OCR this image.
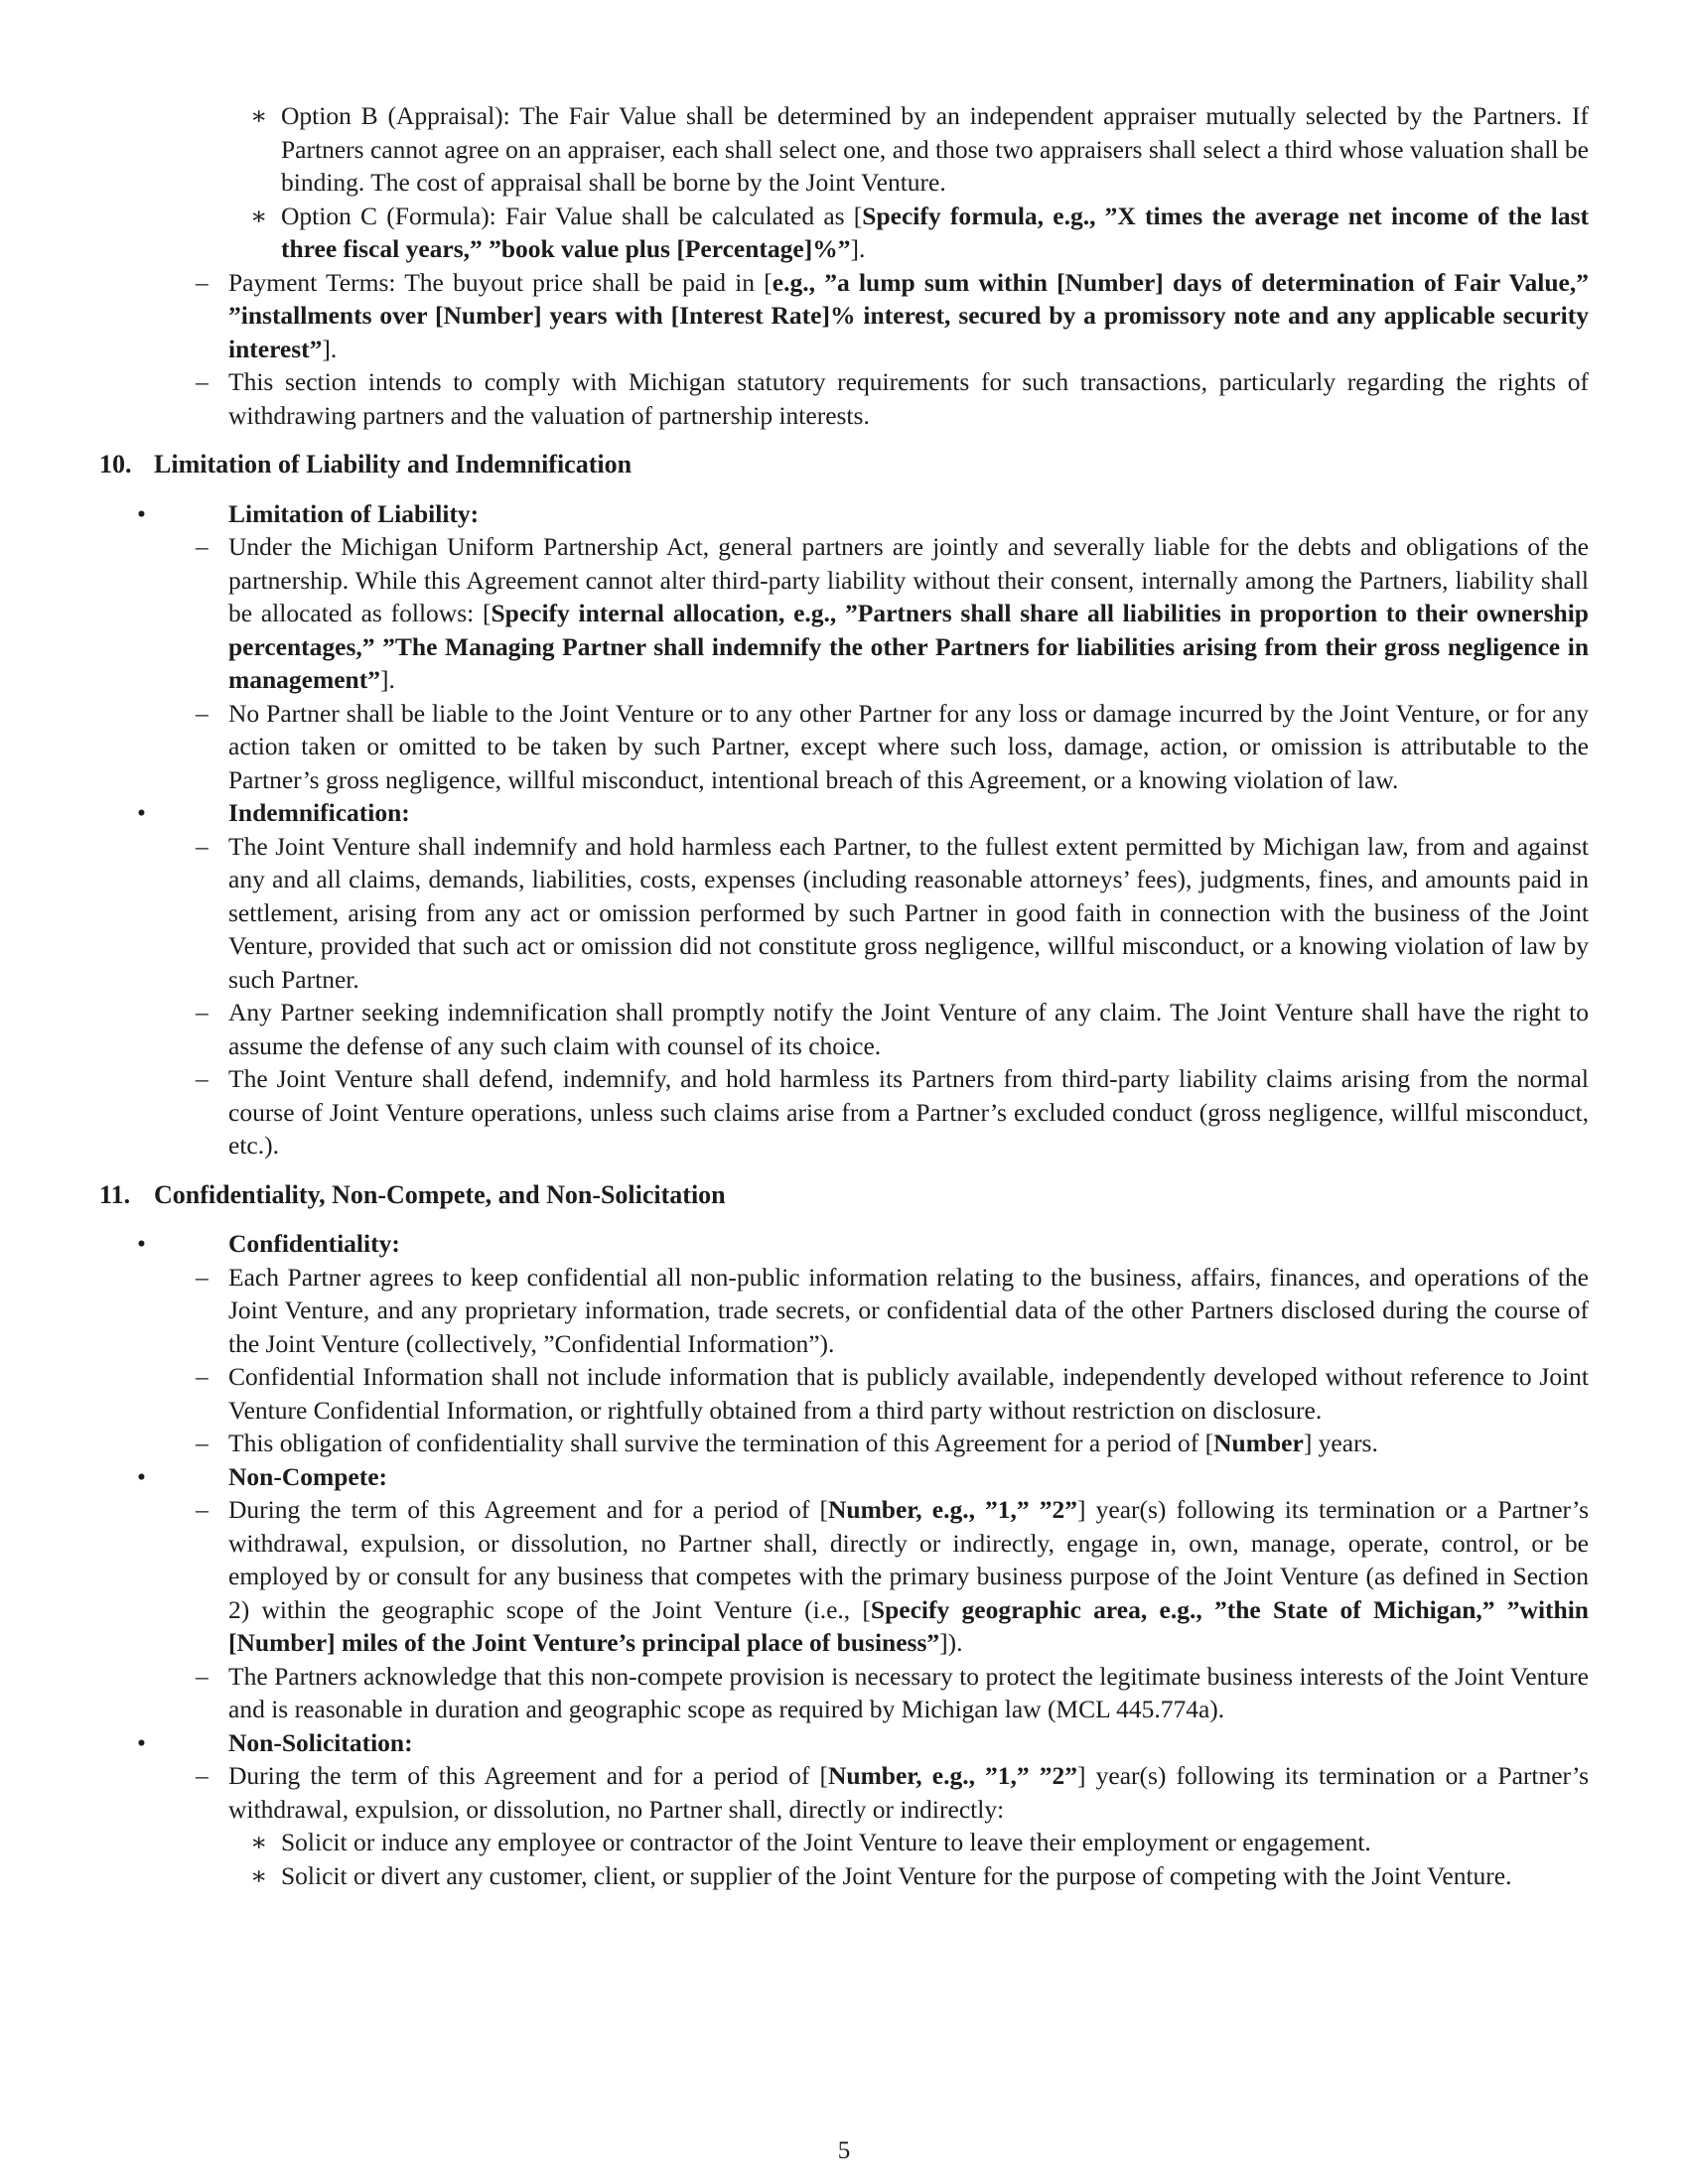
∗ Option B (Appraisal): The Fair Value shall be determined by an independent appraiser mutually selected by the Partners. If Partners cannot agree on an appraiser, each shall select one, and those two appraisers shall select a third whose valuation shall be binding. The cost of appraisal shall be borne by the Joint Venture.
∗ Option C (Formula): Fair Value shall be calculated as [Specify formula, e.g., ”X times the average net income of the last three fiscal years,” ”book value plus [Percentage]%”].
– Payment Terms: The buyout price shall be paid in [e.g., ”a lump sum within [Number] days of determination of Fair Value,” ”installments over [Number] years with [Interest Rate]% interest, secured by a promissory note and any applicable security interest”].
– This section intends to comply with Michigan statutory requirements for such transactions, particularly regarding the rights of withdrawing partners and the valuation of partnership interests.
10. Limitation of Liability and Indemnification
•	Limitation of Liability:
– Under the Michigan Uniform Partnership Act, general partners are jointly and severally liable for the debts and obligations of the partnership. While this Agreement cannot alter third-party liability without their consent, internally among the Partners, liability shall be allocated as follows: [Specify internal allocation, e.g., ”Partners shall share all liabilities in proportion to their ownership percentages,” ”The Managing Partner shall indemnify the other Partners for liabilities arising from their gross negligence in management”].
– No Partner shall be liable to the Joint Venture or to any other Partner for any loss or damage incurred by the Joint Venture, or for any action taken or omitted to be taken by such Partner, except where such loss, damage, action, or omission is attributable to the Partner’s gross negligence, willful misconduct, intentional breach of this Agreement, or a knowing violation of law.
•	Indemnification:
– The Joint Venture shall indemnify and hold harmless each Partner, to the fullest extent permitted by Michigan law, from and against any and all claims, demands, liabilities, costs, expenses (including reasonable attorneys’ fees), judgments, fines, and amounts paid in settlement, arising from any act or omission performed by such Partner in good faith in connection with the business of the Joint Venture, provided that such act or omission did not constitute gross negligence, willful misconduct, or a knowing violation of law by such Partner.
– Any Partner seeking indemnification shall promptly notify the Joint Venture of any claim. The Joint Venture shall have the right to assume the defense of any such claim with counsel of its choice.
– The Joint Venture shall defend, indemnify, and hold harmless its Partners from third-party liability claims arising from the normal course of Joint Venture operations, unless such claims arise from a Partner’s excluded conduct (gross negligence, willful misconduct, etc.).
11. Confidentiality, Non-Compete, and Non-Solicitation
•	Confidentiality:
– Each Partner agrees to keep confidential all non-public information relating to the business, affairs, finances, and operations of the Joint Venture, and any proprietary information, trade secrets, or confidential data of the other Partners disclosed during the course of the Joint Venture (collectively, ”Confidential Information”).
– Confidential Information shall not include information that is publicly available, independently developed without reference to Joint Venture Confidential Information, or rightfully obtained from a third party without restriction on disclosure.
– This obligation of confidentiality shall survive the termination of this Agreement for a period of [Number] years.
•	Non-Compete:
– During the term of this Agreement and for a period of [Number, e.g., ”1,” ”2”] year(s) following its termination or a Partner’s withdrawal, expulsion, or dissolution, no Partner shall, directly or indirectly, engage in, own, manage, operate, control, or be employed by or consult for any business that competes with the primary business purpose of the Joint Venture (as defined in Section 2) within the geographic scope of the Joint Venture (i.e., [Specify geographic area, e.g., ”the State of Michigan,” ”within [Number] miles of the Joint Venture’s principal place of business”]).
– The Partners acknowledge that this non-compete provision is necessary to protect the legitimate business interests of the Joint Venture and is reasonable in duration and geographic scope as required by Michigan law (MCL 445.774a).
•	Non-Solicitation:
– During the term of this Agreement and for a period of [Number, e.g., ”1,” ”2”] year(s) following its termination or a Partner’s withdrawal, expulsion, or dissolution, no Partner shall, directly or indirectly:
∗ Solicit or induce any employee or contractor of the Joint Venture to leave their employment or engagement.
∗ Solicit or divert any customer, client, or supplier of the Joint Venture for the purpose of competing with the Joint Venture.
5
